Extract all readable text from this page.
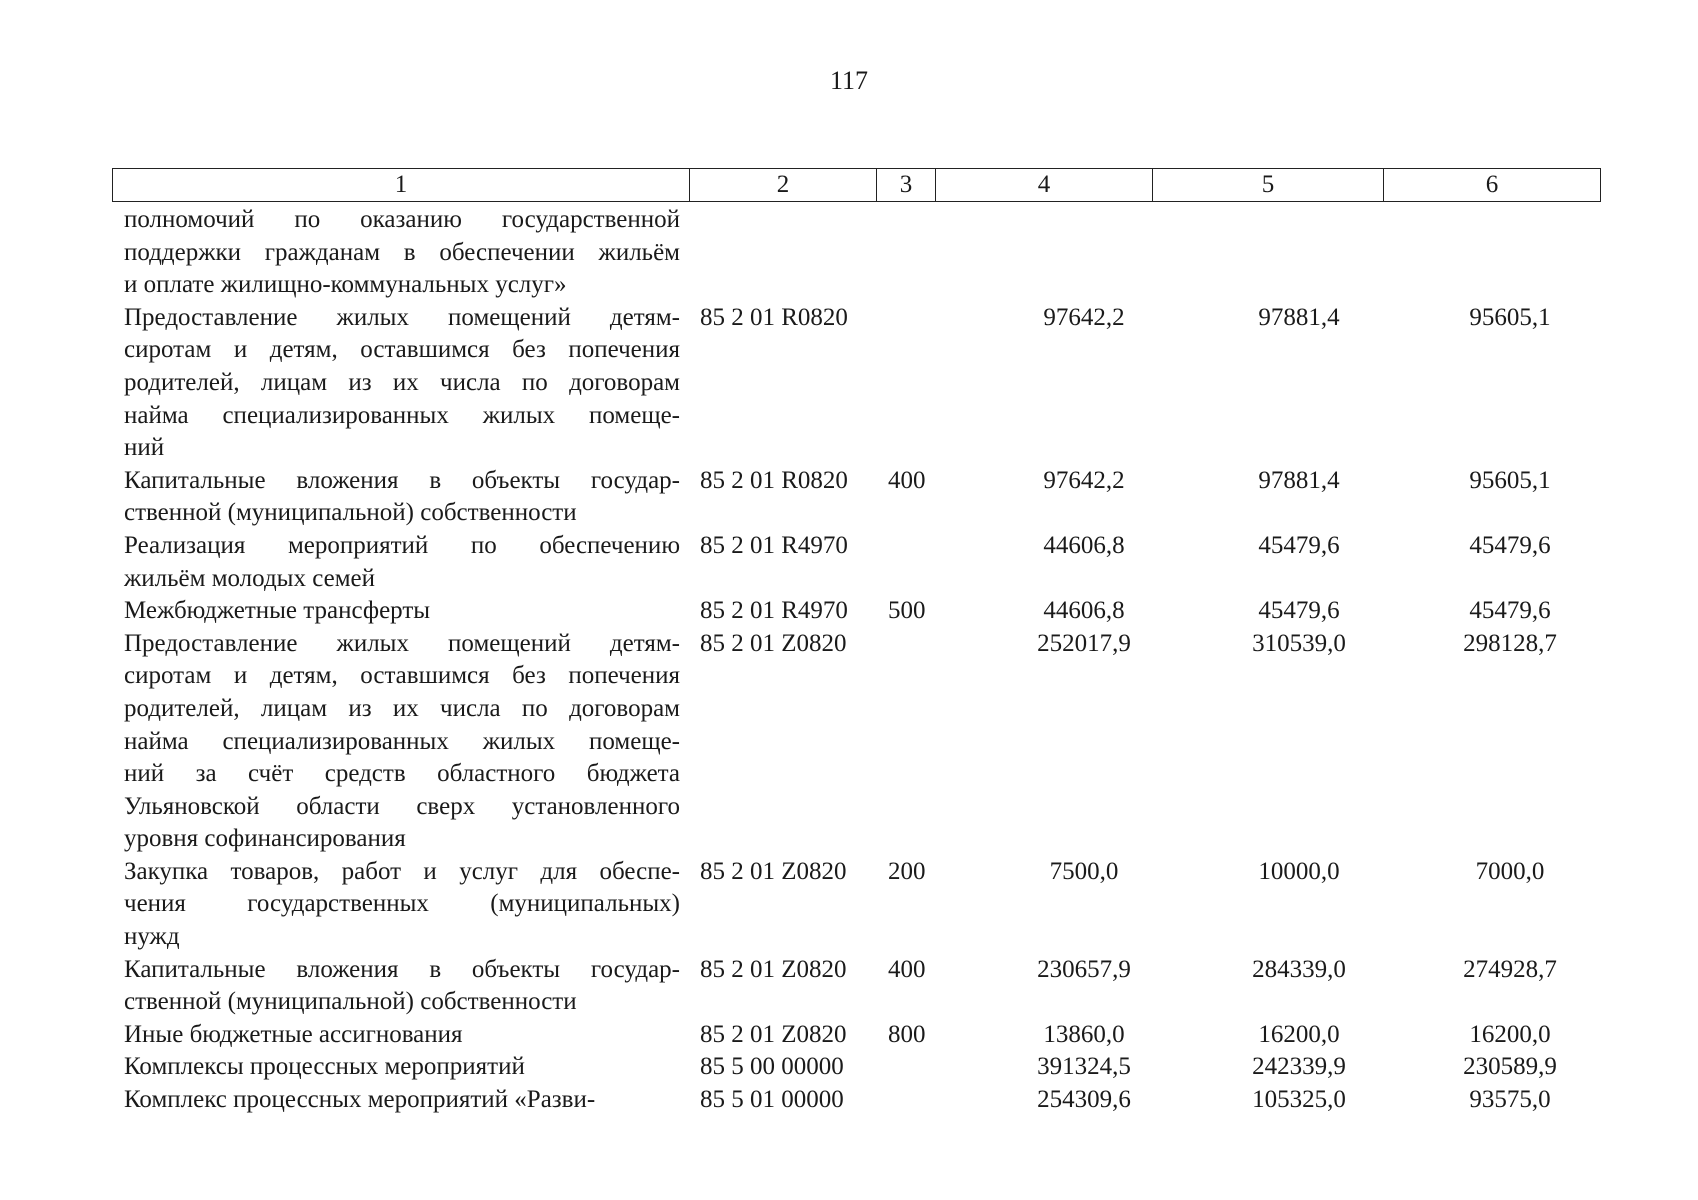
117
1	2	3	4	5	6
полномочий по оказанию государственной
поддержки гражданам в обеспечении жильём
и оплате жилищно-коммунальных услуг»
Предоставление жилых помещений детям-
сиротам и детям, оставшимся без попечения
родителей, лицам из их числа по договорам
найма специализированных жилых помеще-
ний
85 2 01 R0820	97642,2	97881,4	95605,1
Капитальные вложения в объекты государ-
ственной (муниципальной) собственности
85 2 01 R0820 400	97642,2	97881,4	95605,1
Реализация мероприятий по обеспечению
жильём молодых семей
85 2 01 R4970	44606,8	45479,6	45479,6
Межбюджетные трансферты	85 2 01 R4970 500	44606,8	45479,6	45479,6
Предоставление жилых помещений детям-
сиротам и детям, оставшимся без попечения
родителей, лицам из их числа по договорам
найма специализированных жилых помеще-
ний за счёт средств областного бюджета
Ульяновской области сверх установленного
уровня софинансирования
85 2 01 Z0820	252017,9	310539,0	298128,7
Закупка товаров, работ и услуг для обеспе-
чения государственных (муниципальных)
нужд
85 2 01 Z0820 200	7500,0	10000,0	7000,0
Капитальные вложения в объекты государ-
ственной (муниципальной) собственности
85 2 01 Z0820 400	230657,9	284339,0	274928,7
Иные бюджетные ассигнования	85 2 01 Z0820 800	13860,0	16200,0	16200,0
Комплексы процессных мероприятий	85 5 00 00000	391324,5	242339,9	230589,9
Комплекс процессных мероприятий «Разви-	85 5 01 00000	254309,6	105325,0	93575,0
